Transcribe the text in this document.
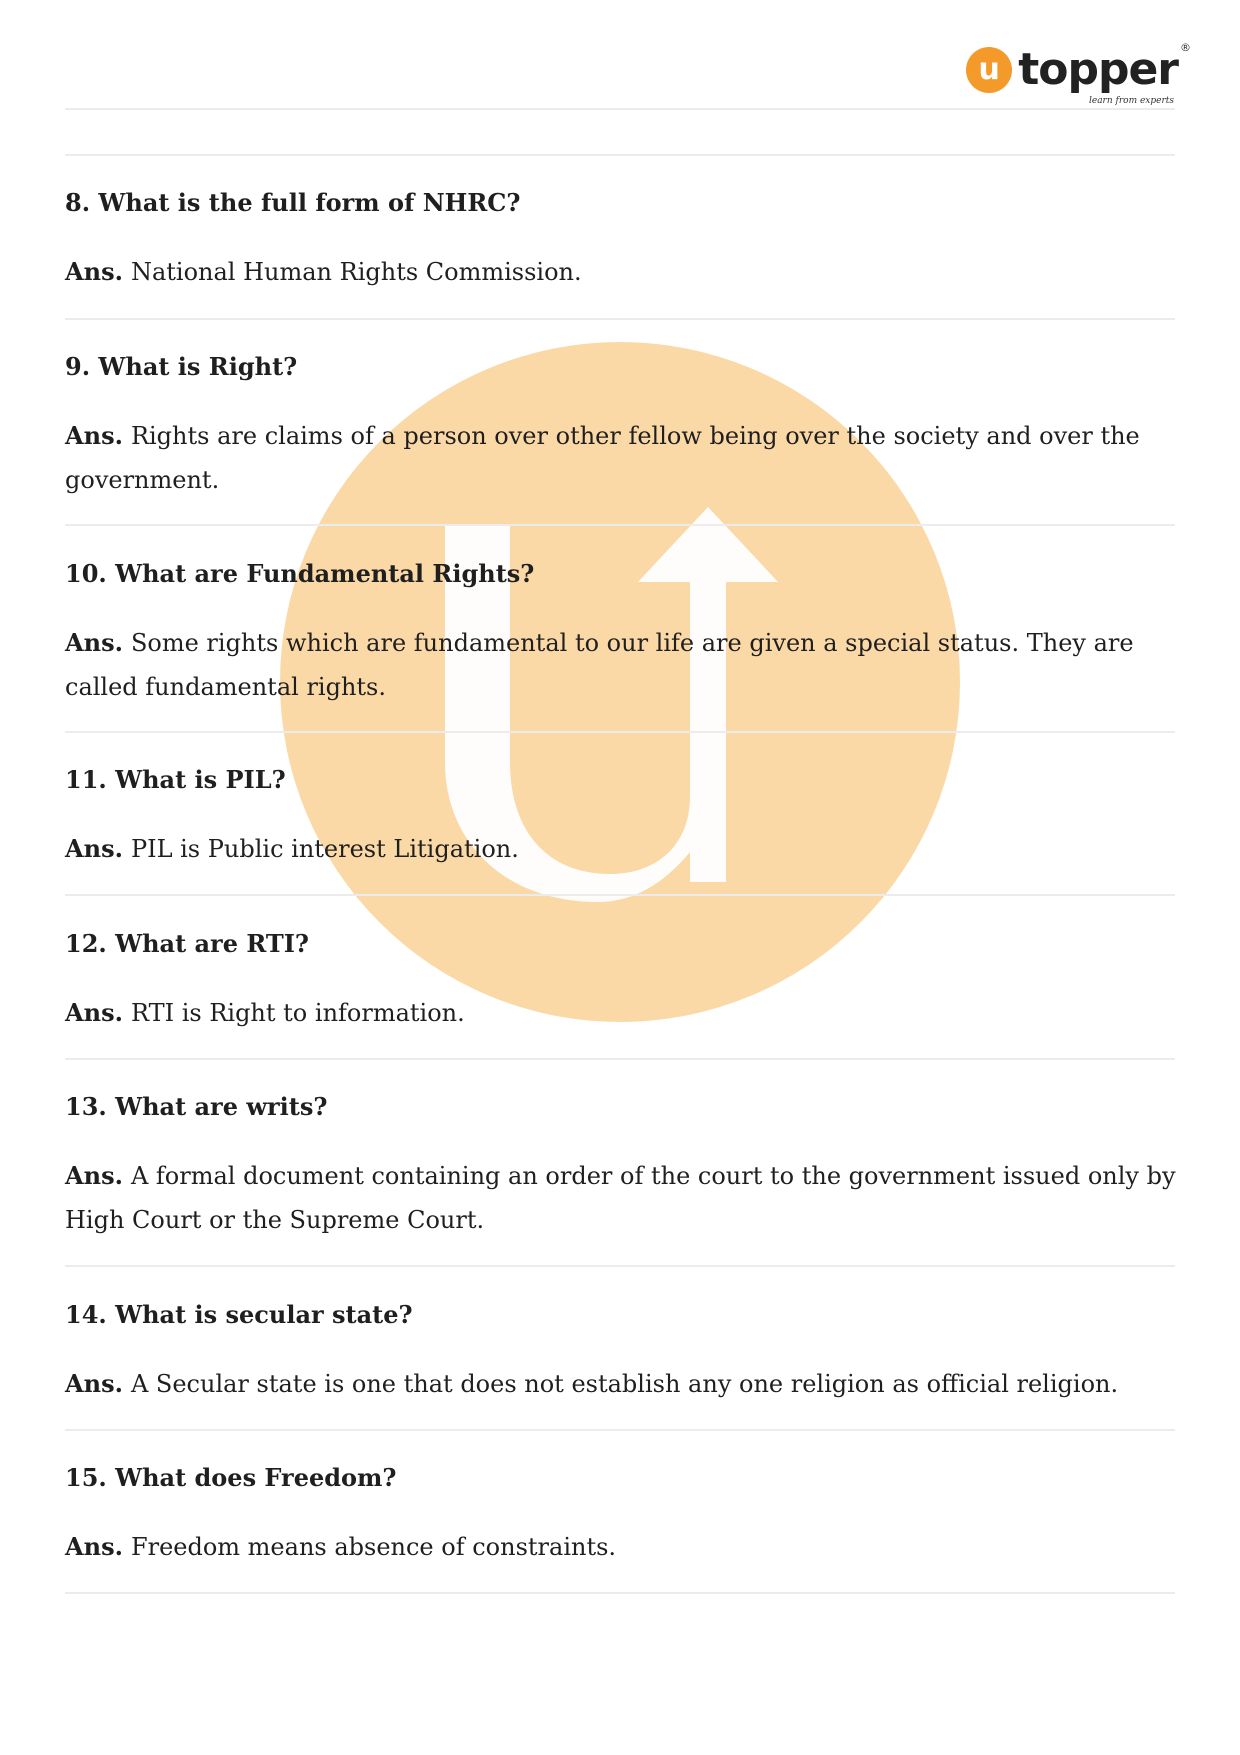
u topper ®
learn from experts

8. What is the full form of NHRC?

Ans. National Human Rights Commission.

9. What is Right?

Ans. Rights are claims of a person over other fellow being over the society and over the government.

10. What are Fundamental Rights?

Ans. Some rights which are fundamental to our life are given a special status. They are called fundamental rights.

11. What is PIL?

Ans. PIL is Public interest Litigation.

12. What are RTI?

Ans. RTI is Right to information.

13. What are writs?

Ans. A formal document containing an order of the court to the government issued only by High Court or the Supreme Court.

14. What is secular state?

Ans. A Secular state is one that does not establish any one religion as official religion.

15. What does Freedom?

Ans. Freedom means absence of constraints.
